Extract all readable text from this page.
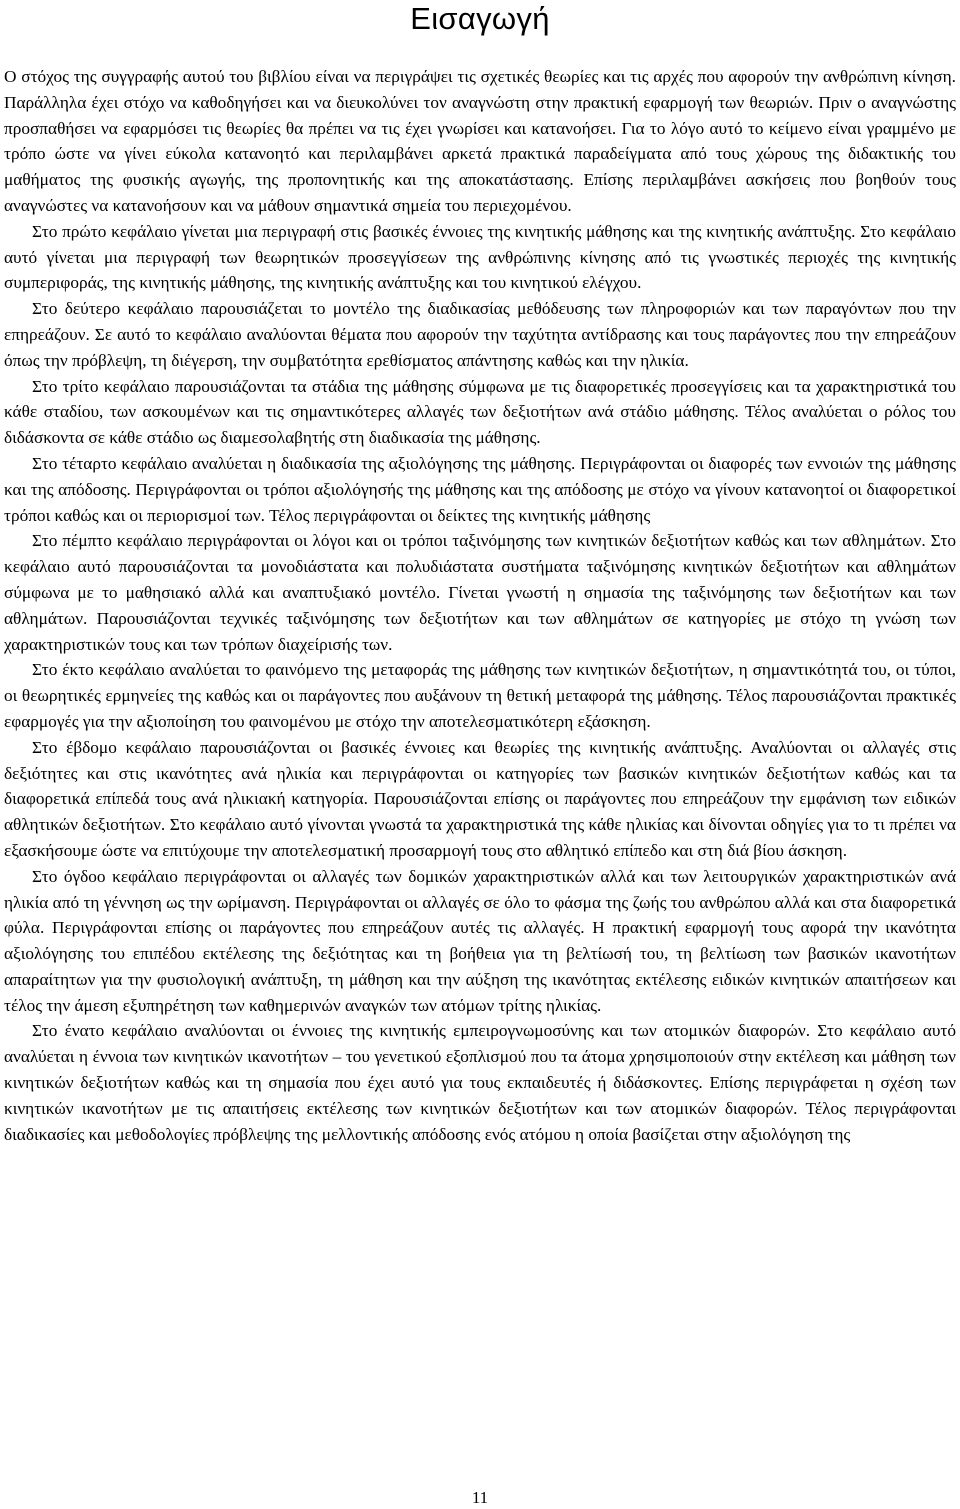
Εισαγωγή

Ο στόχος της συγγραφής αυτού του βιβλίου είναι να περιγράψει τις σχετικές θεωρίες και τις αρχές που αφορούν την ανθρώπινη κίνηση. Παράλληλα έχει στόχο να καθοδηγήσει και να διευκολύνει τον αναγνώστη στην πρακτική εφαρμογή των θεωριών. Πριν ο αναγνώστης προσπαθήσει να εφαρμόσει τις θεωρίες θα πρέπει να τις έχει γνωρίσει και κατανοήσει. Για το λόγο αυτό το κείμενο είναι γραμμένο με τρόπο ώστε να γίνει εύκολα κατανοητό και περιλαμβάνει αρκετά πρακτικά παραδείγματα από τους χώρους της διδακτικής του μαθήματος της φυσικής αγωγής, της προπονητικής και της αποκατάστασης. Επίσης περιλαμβάνει ασκήσεις που βοηθούν τους αναγνώστες να κατανοήσουν και να μάθουν σημαντικά σημεία του περιεχομένου.

Στο πρώτο κεφάλαιο γίνεται μια περιγραφή στις βασικές έννοιες της κινητικής μάθησης και της κινητικής ανάπτυξης. Στο κεφάλαιο αυτό γίνεται μια περιγραφή των θεωρητικών προσεγγίσεων της ανθρώπινης κίνησης από τις γνωστικές περιοχές της κινητικής συμπεριφοράς, της κινητικής μάθησης, της κινητικής ανάπτυξης και του κινητικού ελέγχου.

Στο δεύτερο κεφάλαιο παρουσιάζεται το μοντέλο της διαδικασίας μεθόδευσης των πληροφοριών και των παραγόντων που την επηρεάζουν. Σε αυτό το κεφάλαιο αναλύονται θέματα που αφορούν την ταχύτητα αντίδρασης και τους παράγοντες που την επηρεάζουν όπως την πρόβλεψη, τη διέγερση, την συμβατότητα ερεθίσματος απάντησης καθώς και την ηλικία.

Στο τρίτο κεφάλαιο παρουσιάζονται τα στάδια της μάθησης σύμφωνα με τις διαφορετικές προσεγγίσεις και τα χαρακτηριστικά του κάθε σταδίου, των ασκουμένων και τις σημαντικότερες αλλαγές των δεξιοτήτων ανά στάδιο μάθησης. Τέλος αναλύεται ο ρόλος του διδάσκοντα σε κάθε στάδιο ως διαμεσολαβητής στη διαδικασία της μάθησης.

Στο τέταρτο κεφάλαιο αναλύεται η διαδικασία της αξιολόγησης της μάθησης. Περιγράφονται οι διαφορές των εννοιών της μάθησης και της απόδοσης. Περιγράφονται οι τρόποι αξιολόγησής της μάθησης και της απόδοσης με στόχο να γίνουν κατανοητοί οι διαφορετικοί τρόποι καθώς και οι περιορισμοί των. Τέλος περιγράφονται οι δείκτες της κινητικής μάθησης

Στο πέμπτο κεφάλαιο περιγράφονται οι λόγοι και οι τρόποι ταξινόμησης των κινητικών δεξιοτήτων καθώς και των αθλημάτων. Στο κεφάλαιο αυτό παρουσιάζονται τα μονοδιάστατα και πολυδιάστατα συστήματα ταξινόμησης κινητικών δεξιοτήτων και αθλημάτων σύμφωνα με το μαθησιακό αλλά και αναπτυξιακό μοντέλο. Γίνεται γνωστή η σημασία της ταξινόμησης των δεξιοτήτων και των αθλημάτων. Παρουσιάζονται τεχνικές ταξινόμησης των δεξιοτήτων και των αθλημάτων σε κατηγορίες με στόχο τη γνώση των χαρακτηριστικών τους και των τρόπων διαχείρισής των.

Στο έκτο κεφάλαιο αναλύεται το φαινόμενο της μεταφοράς της μάθησης των κινητικών δεξιοτήτων, η σημαντικότητά του, οι τύποι, οι θεωρητικές ερμηνείες της καθώς και οι παράγοντες που αυξάνουν τη θετική μεταφορά της μάθησης. Τέλος παρουσιάζονται πρακτικές εφαρμογές για την αξιοποίηση του φαινομένου με στόχο την αποτελεσματικότερη εξάσκηση.

Στο έβδομο κεφάλαιο παρουσιάζονται οι βασικές έννοιες και θεωρίες της κινητικής ανάπτυξης. Αναλύονται οι αλλαγές στις δεξιότητες και στις ικανότητες ανά ηλικία και περιγράφονται οι κατηγορίες των βασικών κινητικών δεξιοτήτων καθώς και τα διαφορετικά επίπεδά τους ανά ηλικιακή κατηγορία. Παρουσιάζονται επίσης οι παράγοντες που επηρεάζουν την εμφάνιση των ειδικών αθλητικών δεξιοτήτων. Στο κεφάλαιο αυτό γίνονται γνωστά τα χαρακτηριστικά της κάθε ηλικίας και δίνονται οδηγίες για το τι πρέπει να εξασκήσουμε ώστε να επιτύχουμε την αποτελεσματική προσαρμογή τους στο αθλητικό επίπεδο και στη διά βίου άσκηση.

Στο όγδοο κεφάλαιο περιγράφονται οι αλλαγές των δομικών χαρακτηριστικών αλλά και των λειτουργικών χαρακτηριστικών ανά ηλικία από τη γέννηση ως την ωρίμανση. Περιγράφονται οι αλλαγές σε όλο το φάσμα της ζωής του ανθρώπου αλλά και στα διαφορετικά φύλα. Περιγράφονται επίσης οι παράγοντες που επηρεάζουν αυτές τις αλλαγές. Η πρακτική εφαρμογή τους αφορά την ικανότητα αξιολόγησης του επιπέδου εκτέλεσης της δεξιότητας και τη βοήθεια για τη βελτίωσή του, τη βελτίωση των βασικών ικανοτήτων απαραίτητων για την φυσιολογική ανάπτυξη, τη μάθηση και την αύξηση της ικανότητας εκτέλεσης ειδικών κινητικών απαιτήσεων και τέλος την άμεση εξυπηρέτηση των καθημερινών αναγκών των ατόμων τρίτης ηλικίας.

Στο ένατο κεφάλαιο αναλύονται οι έννοιες της κινητικής εμπειρογνωμοσύνης και των ατομικών διαφορών. Στο κεφάλαιο αυτό αναλύεται η έννοια των κινητικών ικανοτήτων – του γενετικού εξοπλισμού που τα άτομα χρησιμοποιούν στην εκτέλεση και μάθηση των κινητικών δεξιοτήτων καθώς και τη σημασία που έχει αυτό για τους εκπαιδευτές ή διδάσκοντες. Επίσης περιγράφεται η σχέση των κινητικών ικανοτήτων με τις απαιτήσεις εκτέλεσης των κινητικών δεξιοτήτων και των ατομικών διαφορών. Τέλος περιγράφονται διαδικασίες και μεθοδολογίες πρόβλεψης της μελλοντικής απόδοσης ενός ατόμου η οποία βασίζεται στην αξιολόγηση της

11
